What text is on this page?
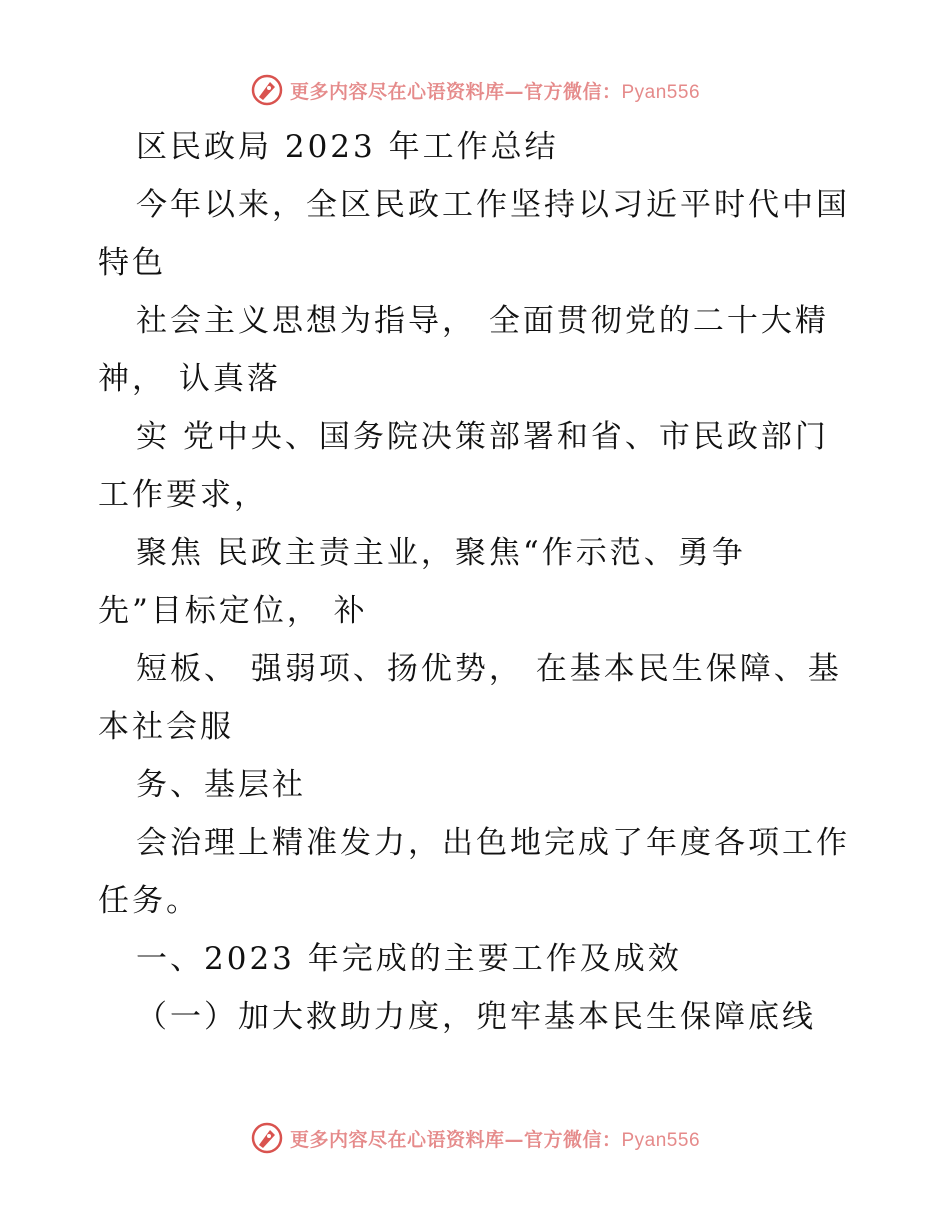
更多内容尽在心语资料库—官方微信：Pyan556
区民政局 2023 年工作总结
今年以来，全区民政工作坚持以习近平时代中国
特色
社会主义思想为指导， 全面贯彻党的二十大精
神， 认真落
实 党中央、国务院决策部署和省、市民政部门
工作要求，
聚焦 民政主责主业，聚焦“作示范、勇争
先”目标定位， 补
短板、 强弱项、扬优势， 在基本民生保障、基
本社会服
务、基层社
会治理上精准发力，出色地完成了年度各项工作
任务。
一、2023 年完成的主要工作及成效
（一）加大救助力度，兜牢基本民生保障底线
更多内容尽在心语资料库—官方微信：Pyan556
